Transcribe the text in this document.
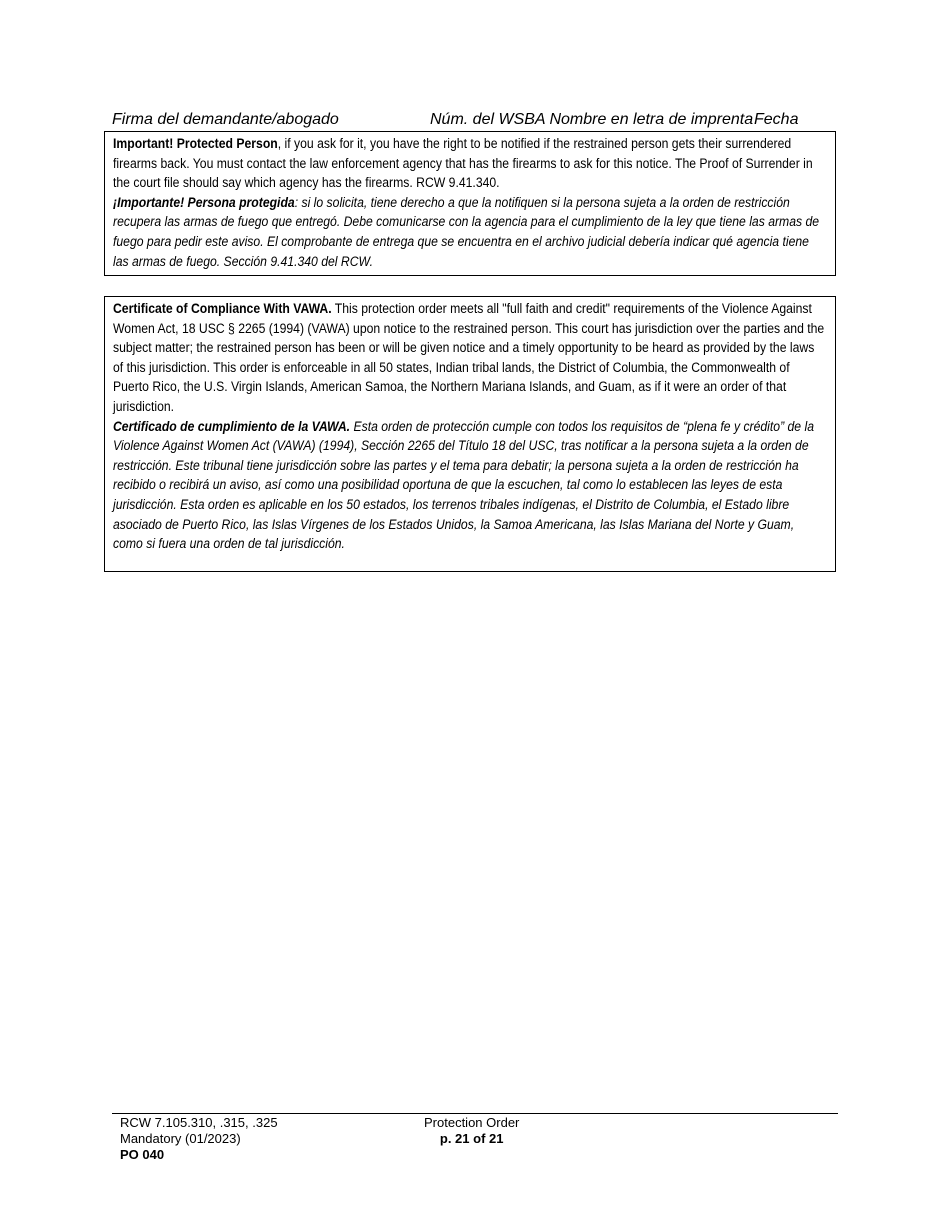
Firma del demandante/abogado	Núm. del WSBA Nombre en letra de imprenta Fecha

Important! Protected Person, if you ask for it, you have the right to be notified if the restrained person gets their surrendered firearms back. You must contact the law enforcement agency that has the firearms to ask for this notice. The Proof of Surrender in the court file should say which agency has the firearms. RCW 9.41.340.

¡Importante! Persona protegida: si lo solicita, tiene derecho a que la notifiquen si la persona sujeta a la orden de restricción recupera las armas de fuego que entregó. Debe comunicarse con la agencia para el cumplimiento de la ley que tiene las armas de fuego para pedir este aviso. El comprobante de entrega que se encuentra en el archivo judicial debería indicar qué agencia tiene las armas de fuego. Sección 9.41.340 del RCW.

Certificate of Compliance With VAWA. This protection order meets all "full faith and credit" requirements of the Violence Against Women Act, 18 USC § 2265 (1994) (VAWA) upon notice to the restrained person. This court has jurisdiction over the parties and the subject matter; the restrained person has been or will be given notice and a timely opportunity to be heard as provided by the laws of this jurisdiction. This order is enforceable in all 50 states, Indian tribal lands, the District of Columbia, the Commonwealth of Puerto Rico, the U.S. Virgin Islands, American Samoa, the Northern Mariana Islands, and Guam, as if it were an order of that jurisdiction.

Certificado de cumplimiento de la VAWA. Esta orden de protección cumple con todos los requisitos de “plena fe y crédito” de la Violence Against Women Act (VAWA) (1994), Sección 2265 del Título 18 del USC, tras notificar a la persona sujeta a la orden de restricción. Este tribunal tiene jurisdicción sobre las partes y el tema para debatir; la persona sujeta a la orden de restricción ha recibido o recibirá un aviso, así como una posibilidad oportuna de que la escuchen, tal como lo establecen las leyes de esta jurisdicción. Esta orden es aplicable en los 50 estados, los terrenos tribales indígenas, el Distrito de Columbia, el Estado libre asociado de Puerto Rico, las Islas Vírgenes de los Estados Unidos, la Samoa Americana, las Islas Mariana del Norte y Guam, como si fuera una orden de tal jurisdicción.

RCW 7.105.310, .315, .325
Mandatory (01/2023)
PO 040
Protection Order
p. 21 of 21
